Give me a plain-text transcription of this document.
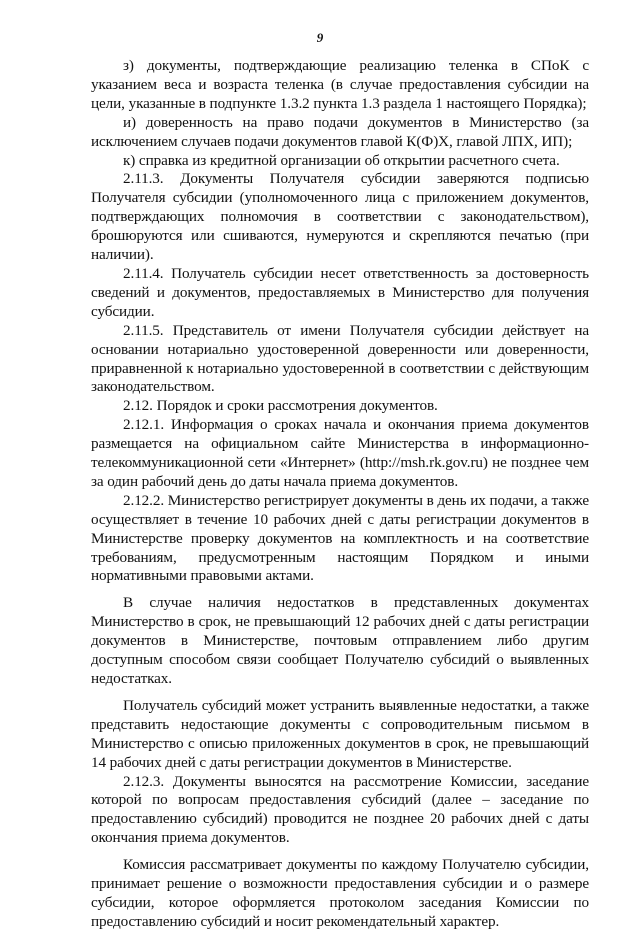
9

з) документы, подтверждающие реализацию теленка в СПоК с указанием веса и возраста теленка (в случае предоставления субсидии на цели, указанные в подпункте 1.3.2 пункта 1.3 раздела 1 настоящего Порядка);

и) доверенность на право подачи документов в Министерство (за исключением случаев подачи документов главой К(Ф)Х, главой ЛПХ, ИП);

к) справка из кредитной организации об открытии расчетного счета.

2.11.3. Документы Получателя субсидии заверяются подписью Получателя субсидии (уполномоченного лица с приложением документов, подтверждающих полномочия в соответствии с законодательством), брошюруются или сшиваются, нумеруются и скрепляются печатью (при наличии).

2.11.4. Получатель субсидии несет ответственность за достоверность сведений и документов, предоставляемых в Министерство для получения субсидии.

2.11.5. Представитель от имени Получателя субсидии действует на основании нотариально удостоверенной доверенности или доверенности, приравненной к нотариально удостоверенной в соответствии с действующим законодательством.

2.12. Порядок и сроки рассмотрения документов.

2.12.1. Информация о сроках начала и окончания приема документов размещается на официальном сайте Министерства в информационно-телекоммуникационной сети «Интернет» (http://msh.rk.gov.ru) не позднее чем за один рабочий день до даты начала приема документов.

2.12.2. Министерство регистрирует документы в день их подачи, а также осуществляет в течение 10 рабочих дней с даты регистрации документов в Министерстве проверку документов на комплектность и на соответствие требованиям, предусмотренным настоящим Порядком и иными нормативными правовыми актами.

В случае наличия недостатков в представленных документах Министерство в срок, не превышающий 12 рабочих дней с даты регистрации документов в Министерстве, почтовым отправлением либо другим доступным способом связи сообщает Получателю субсидий о выявленных недостатках.

Получатель субсидий может устранить выявленные недостатки, а также представить недостающие документы с сопроводительным письмом в Министерство с описью приложенных документов в срок, не превышающий 14 рабочих дней с даты регистрации документов в Министерстве.

2.12.3. Документы выносятся на рассмотрение Комиссии, заседание которой по вопросам предоставления субсидий (далее – заседание по предоставлению субсидий) проводится не позднее 20 рабочих дней с даты окончания приема документов.

Комиссия рассматривает документы по каждому Получателю субсидии, принимает решение о возможности предоставления субсидии и о размере субсидии, которое оформляется протоколом заседания Комиссии по предоставлению субсидий и носит рекомендательный характер.
